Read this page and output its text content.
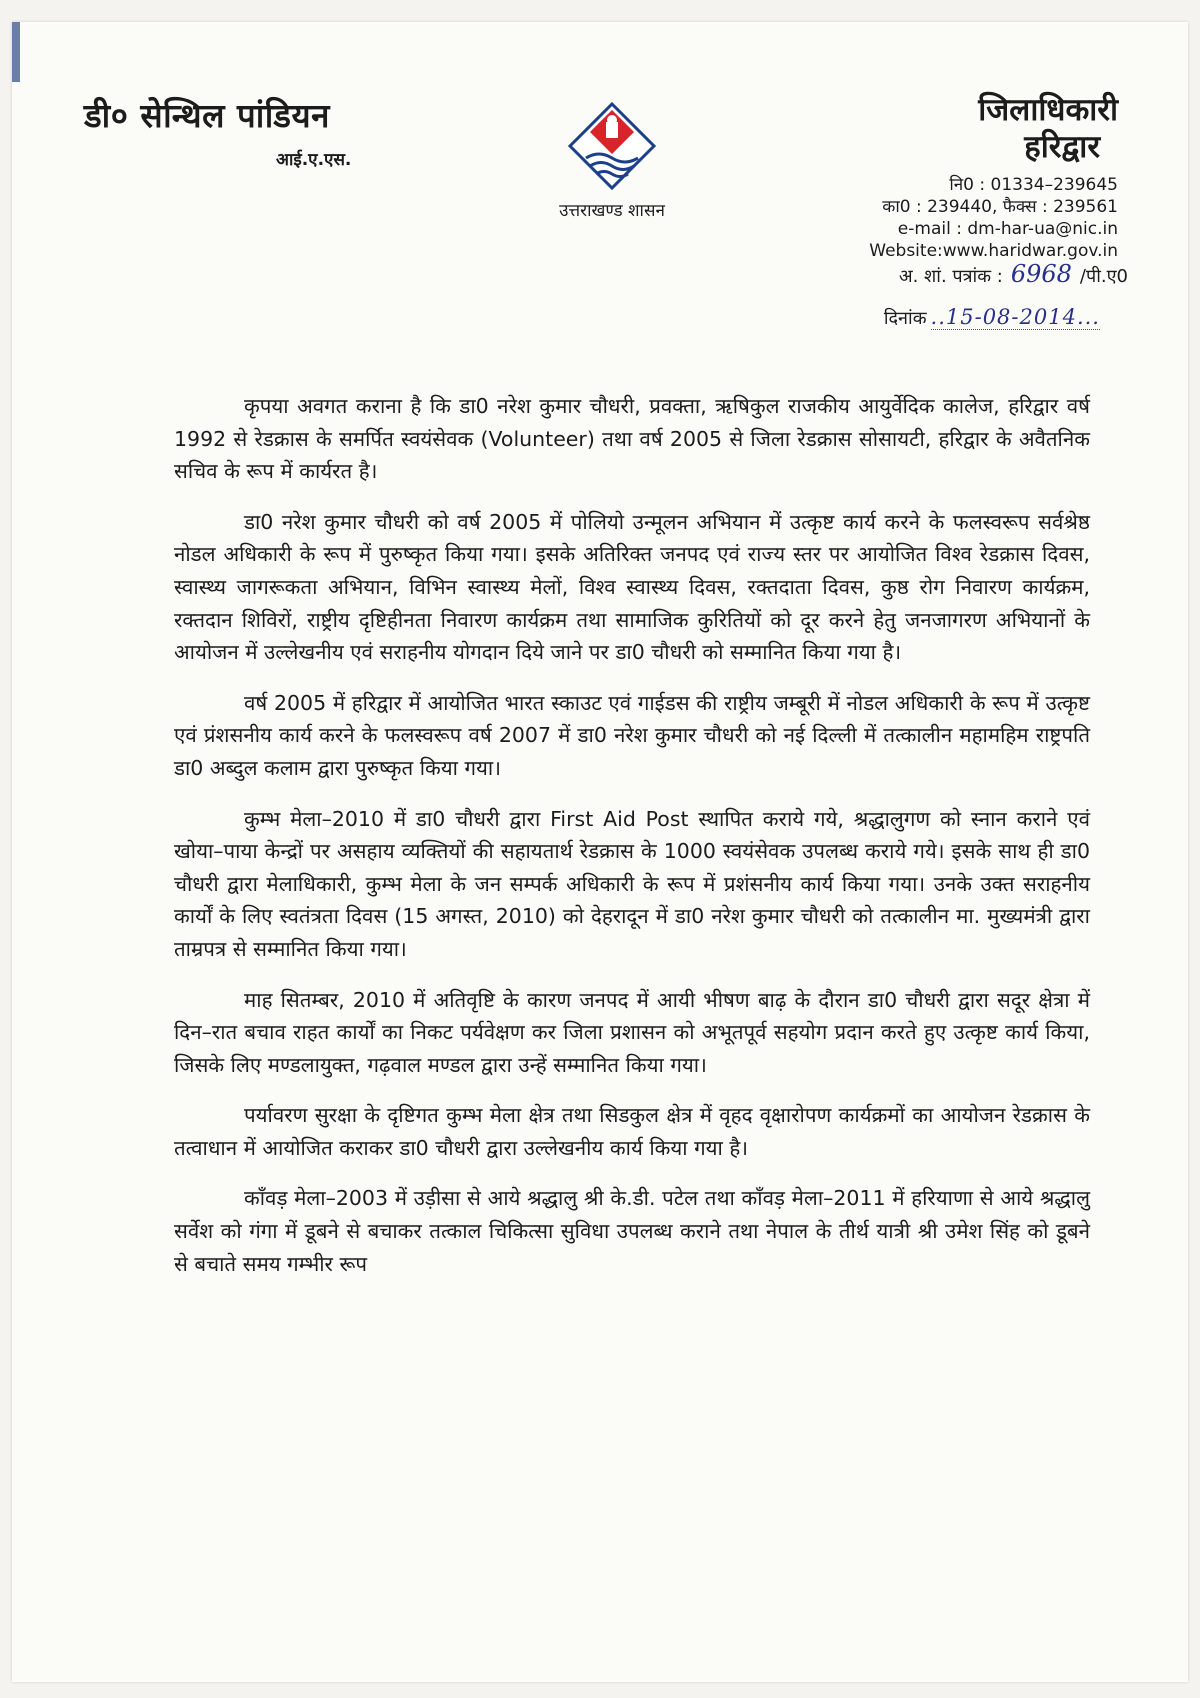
डी० सेन्थिल पांडियन
आई.ए.एस.
उत्तराखण्ड शासन
जिलाधिकारी
हरिद्वार
नि0 : 01334–239645
का0 : 239440, फैक्स : 239561
e-mail : dm-har-ua@nic.in
Website:www.haridwar.gov.in
अ. शां. पत्रांक : 6968 /पी.ए0
दिनांक ..15-08-2014...

कृपया अवगत कराना है कि डा0 नरेश कुमार चौधरी, प्रवक्ता, ऋषिकुल राजकीय आयुर्वेदिक कालेज, हरिद्वार वर्ष 1992 से रेडक्रास के समर्पित स्वयंसेवक (Volunteer) तथा वर्ष 2005 से जिला रेडक्रास सोसायटी, हरिद्वार के अवैतनिक सचिव के रूप में कार्यरत है।

डा0 नरेश कुमार चौधरी को वर्ष 2005 में पोलियो उन्मूलन अभियान में उत्कृष्ट कार्य करने के फलस्वरूप सर्वश्रेष्ठ नोडल अधिकारी के रूप में पुरुष्कृत किया गया। इसके अतिरिक्त जनपद एवं राज्य स्तर पर आयोजित विश्व रेडक्रास दिवस, स्वास्थ्य जागरूकता अभियान, विभिन स्वास्थ्य मेलों, विश्व स्वास्थ्य दिवस, रक्तदाता दिवस, कुष्ठ रोग निवारण कार्यक्रम, रक्तदान शिविरों, राष्ट्रीय दृष्टिहीनता निवारण कार्यक्रम तथा सामाजिक कुरितियों को दूर करने हेतु जनजागरण अभियानों के आयोजन में उल्लेखनीय एवं सराहनीय योगदान दिये जाने पर डा0 चौधरी को सम्मानित किया गया है।

वर्ष 2005 में हरिद्वार में आयोजित भारत स्काउट एवं गाईडस की राष्ट्रीय जम्बूरी में नोडल अधिकारी के रूप में उत्कृष्ट एवं प्रंशसनीय कार्य करने के फलस्वरूप वर्ष 2007 में डा0 नरेश कुमार चौधरी को नई दिल्ली में तत्कालीन महामहिम राष्ट्रपति डा0 अब्दुल कलाम द्वारा पुरुष्कृत किया गया।

कुम्भ मेला–2010 में डा0 चौधरी द्वारा First Aid Post स्थापित कराये गये, श्रद्धालुगण को स्नान कराने एवं खोया–पाया केन्द्रों पर असहाय व्यक्तियों की सहायतार्थ रेडक्रास के 1000 स्वयंसेवक उपलब्ध कराये गये। इसके साथ ही डा0 चौधरी द्वारा मेलाधिकारी, कुम्भ मेला के जन सम्पर्क अधिकारी के रूप में प्रशंसनीय कार्य किया गया। उनके उक्त सराहनीय कार्यों के लिए स्वतंत्रता दिवस (15 अगस्त, 2010) को देहरादून में डा0 नरेश कुमार चौधरी को तत्कालीन मा. मुख्यमंत्री द्वारा ताम्रपत्र से सम्मानित किया गया।

माह सितम्बर, 2010 में अतिवृष्टि के कारण जनपद में आयी भीषण बाढ़ के दौरान डा0 चौधरी द्वारा सदूर क्षेत्रा में दिन–रात बचाव राहत कार्यों का निकट पर्यवेक्षण कर जिला प्रशासन को अभूतपूर्व सहयोग प्रदान करते हुए उत्कृष्ट कार्य किया, जिसके लिए मण्डलायुक्त, गढ़वाल मण्डल द्वारा उन्हें सम्मानित किया गया।

पर्यावरण सुरक्षा के दृष्टिगत कुम्भ मेला क्षेत्र तथा सिडकुल क्षेत्र में वृहद वृक्षारोपण कार्यक्रमों का आयोजन रेडक्रास के तत्वाधान में आयोजित कराकर डा0 चौधरी द्वारा उल्लेखनीय कार्य किया गया है।

काँवड़ मेला–2003 में उड़ीसा से आये श्रद्धालु श्री के.डी. पटेल तथा काँवड़ मेला–2011 में हरियाणा से आये श्रद्धालु सर्वेश को गंगा में डूबने से बचाकर तत्काल चिकित्सा सुविधा उपलब्ध कराने तथा नेपाल के तीर्थ यात्री श्री उमेश सिंह को डूबने से बचाते समय गम्भीर रूप
